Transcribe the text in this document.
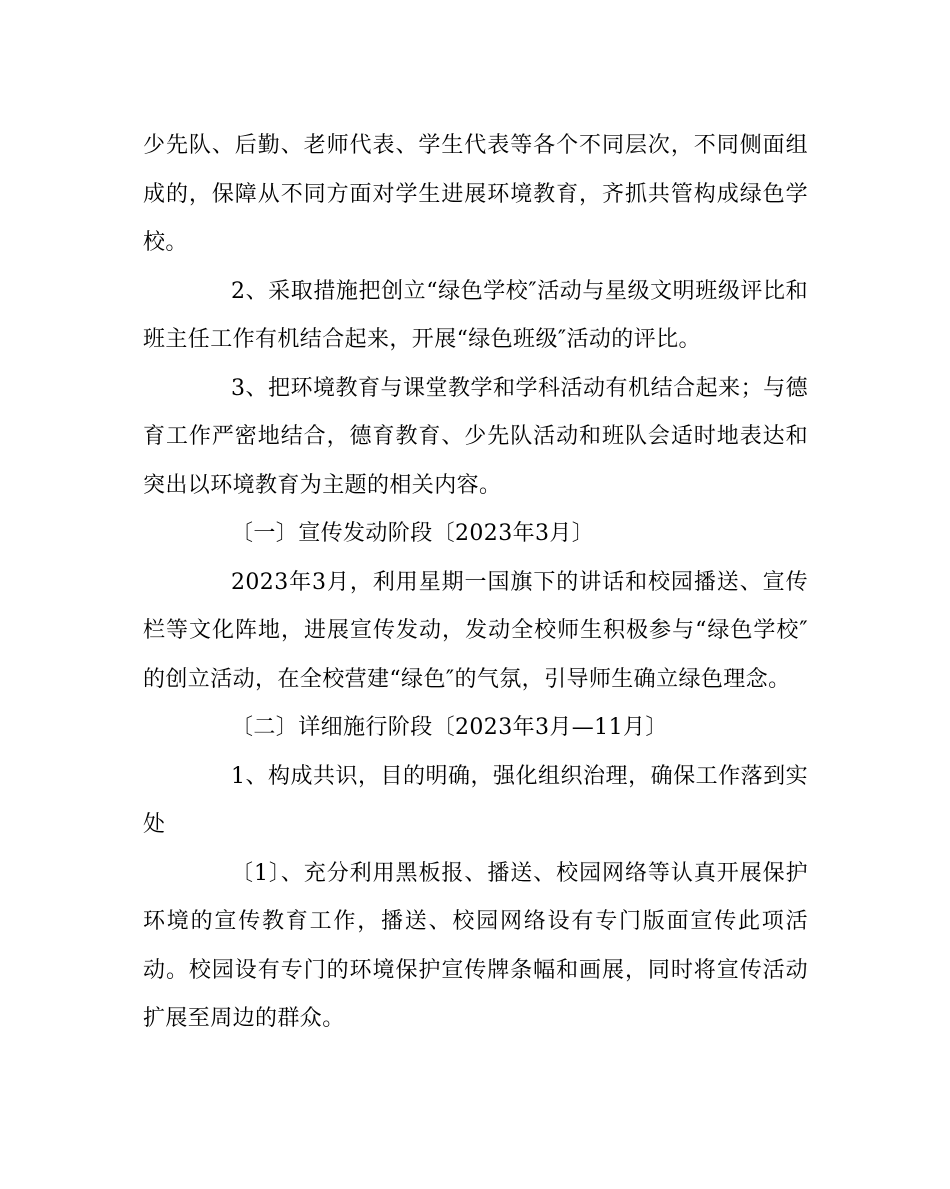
少先队、后勤、老师代表、学生代表等各个不同层次，不同侧面组成的，保障从不同方面对学生进展环境教育，齐抓共管构成绿色学校。

2、采取措施把创立“绿色学校″活动与星级文明班级评比和班主任工作有机结合起来，开展“绿色班级″活动的评比。

3、把环境教育与课堂教学和学科活动有机结合起来；与德育工作严密地结合，德育教育、少先队活动和班队会适时地表达和突出以环境教育为主题的相关内容。

〔一〕宣传发动阶段〔2023年3月〕

2023年3月，利用星期一国旗下的讲话和校园播送、宣传栏等文化阵地，进展宣传发动，发动全校师生积极参与“绿色学校″的创立活动，在全校营建“绿色″的气氛，引导师生确立绿色理念。

〔二〕详细施行阶段〔2023年3月—11月〕

1、构成共识，目的明确，强化组织治理，确保工作落到实处

〔1〕、充分利用黑板报、播送、校园网络等认真开展保护环境的宣传教育工作，播送、校园网络设有专门版面宣传此项活动。校园设有专门的环境保护宣传牌条幅和画展，同时将宣传活动扩展至周边的群众。
